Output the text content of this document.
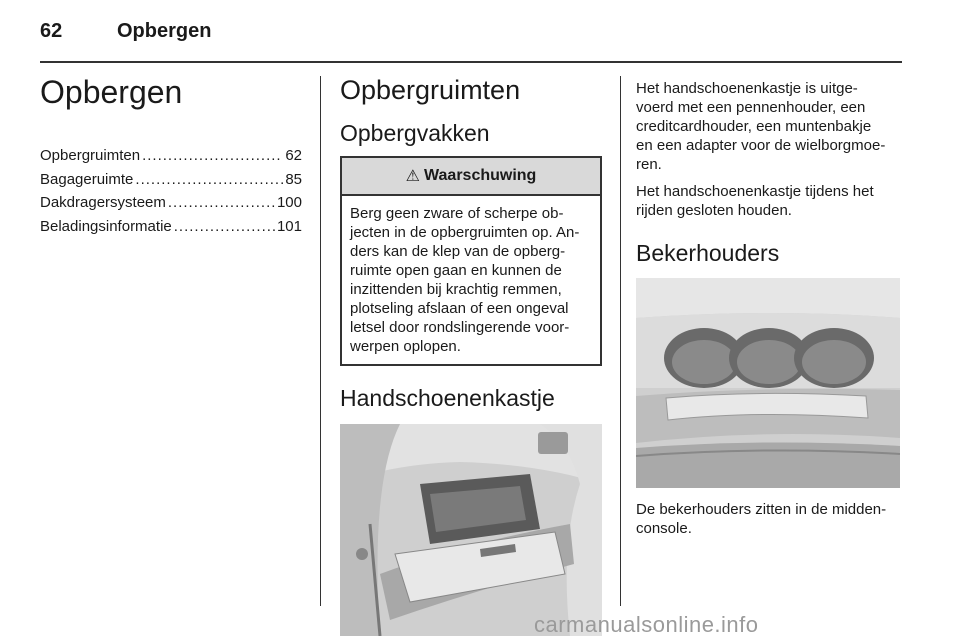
62	Opbergen
Opbergen
Opbergruimten .....	62
Bagageruimte .....	85
Dakdragersysteem .....	100
Beladingsinformatie .....	101
Opbergruimten
Opbergvakken
⚠ Waarschuwing
Berg geen zware of scherpe ob-
jecten in de opbergruimten op. An-
ders kan de klep van de opberg-
ruimte open gaan en kunnen de
inzittenden bij krachtig remmen,
plotseling afslaan of een ongeval
letsel door rondslingerende voor-
werpen oplopen.
Handschoenenkastje

Het handschoenenkastje is uitge-
voerd met een pennenhouder, een
creditcardhouder, een muntenbakje
en een adapter voor de wielborgmoe-
ren.

Het handschoenenkastje tijdens het
rijden gesloten houden.

Bekerhouders

De bekerhouders zitten in de midden-
console.

carmanualsonline.info
